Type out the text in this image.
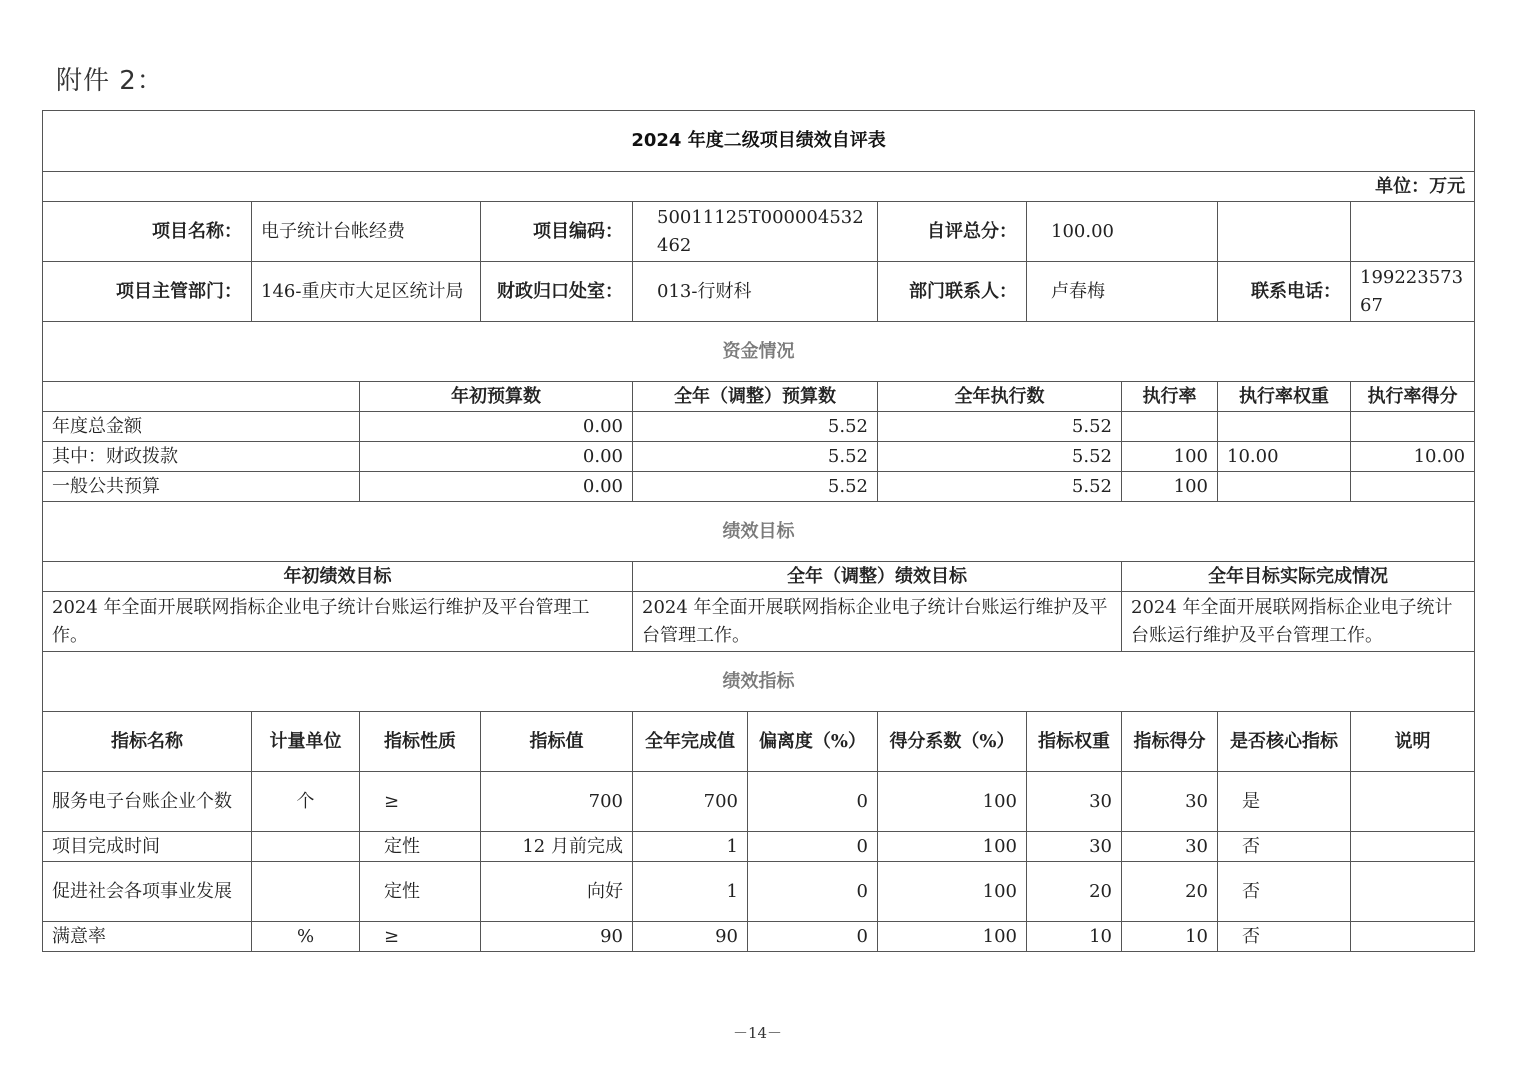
附件 2：
2024 年度二级项目绩效自评表										
单位：万元										
项目名称：	电子统计台帐经费		项目编码：	50011125T000004532462		自评总分：	100.00			
项目主管部门：	146-重庆市大足区统计局		财政归口处室：	013-行财科		部门联系人：	卢春梅		联系电话：	19922357367
资金情况										
		年初预算数		全年（调整）预算数		全年执行数		执行率	执行率权重	执行率得分
年度总金额		0.00		5.52		5.52				
其中：财政拨款		0.00		5.52		5.52		100	10.00	10.00
一般公共预算		0.00		5.52		5.52		100		
绩效目标										
年初绩效目标				全年（调整）绩效目标				全年目标实际完成情况		
2024 年全面开展联网指标企业电子统计台账运行维护及平台管理工作。				2024 年全面开展联网指标企业电子统计台账运行维护及平台管理工作。				2024 年全面开展联网指标企业电子统计台账运行维护及平台管理工作。		
绩效指标										
指标名称	计量单位	指标性质	指标值	全年完成值	偏离度（%）	得分系数（%）	指标权重	指标得分	是否核心指标	说明
服务电子台账企业个数	个	≥	700	700	0	100	30	30	是	
项目完成时间		定性	12 月前完成	1	0	100	30	30	否	
促进社会各项事业发展		定性	向好	1	0	100	20	20	否	
满意率	%	≥	90	90	0	100	10	10	否	
－14－
